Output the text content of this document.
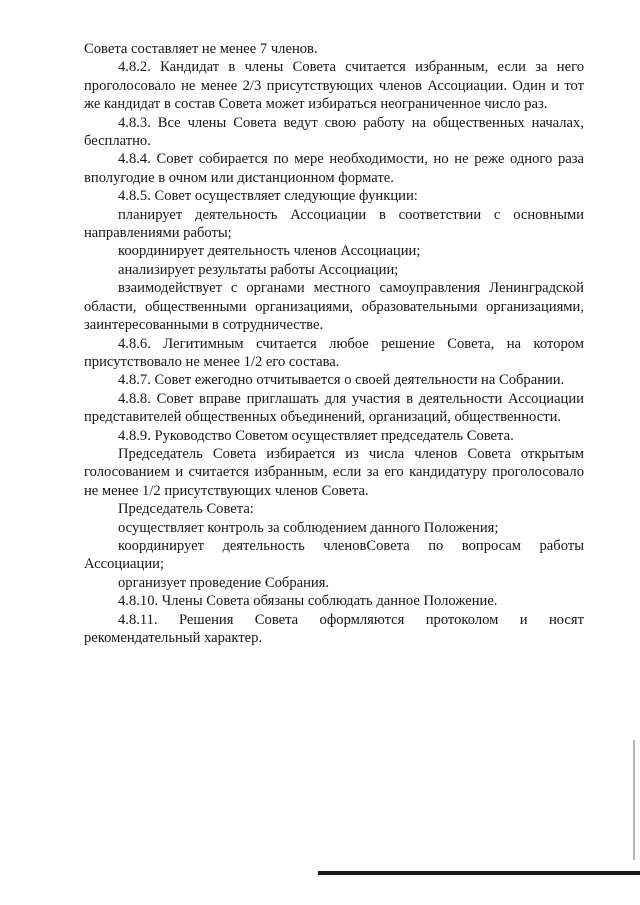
Совета составляет не менее 7 членов.

4.8.2. Кандидат в члены Совета считается избранным, если за него проголосовало не менее 2/3 присутствующих членов Ассоциации. Один и тот же кандидат в состав Совета может избираться неограниченное число раз.

4.8.3. Все члены Совета ведут свою работу на общественных началах, бесплатно.

4.8.4. Совет собирается по мере необходимости, но не реже одного раза вполугодие в очном или дистанционном формате.

4.8.5. Совет осуществляет следующие функции:

планирует деятельность Ассоциации в соответствии с основными направлениями работы;

координирует деятельность членов Ассоциации;

анализирует результаты работы Ассоциации;

взаимодействует с органами местного самоуправления Ленинградской области, общественными организациями, образовательными организациями, заинтересованными в сотрудничестве.

4.8.6. Легитимным считается любое решение Совета, на котором присутствовало не менее 1/2 его состава.

4.8.7. Совет ежегодно отчитывается о своей деятельности на Собрании.

4.8.8. Совет вправе приглашать для участия в деятельности Ассоциации представителей общественных объединений, организаций, общественности.

4.8.9. Руководство Советом осуществляет председатель Совета.

Председатель Совета избирается из числа членов Совета открытым голосованием и считается избранным, если за его кандидатуру проголосовало не менее 1/2 присутствующих членов Совета.

Председатель Совета:

осуществляет контроль за соблюдением данного Положения;

координирует деятельность членовСовета по вопросам работы Ассоциации;

организует проведение Собрания.

4.8.10. Члены Совета обязаны соблюдать данное Положение.

4.8.11. Решения Совета оформляются протоколом и носят рекомендательный характер.
